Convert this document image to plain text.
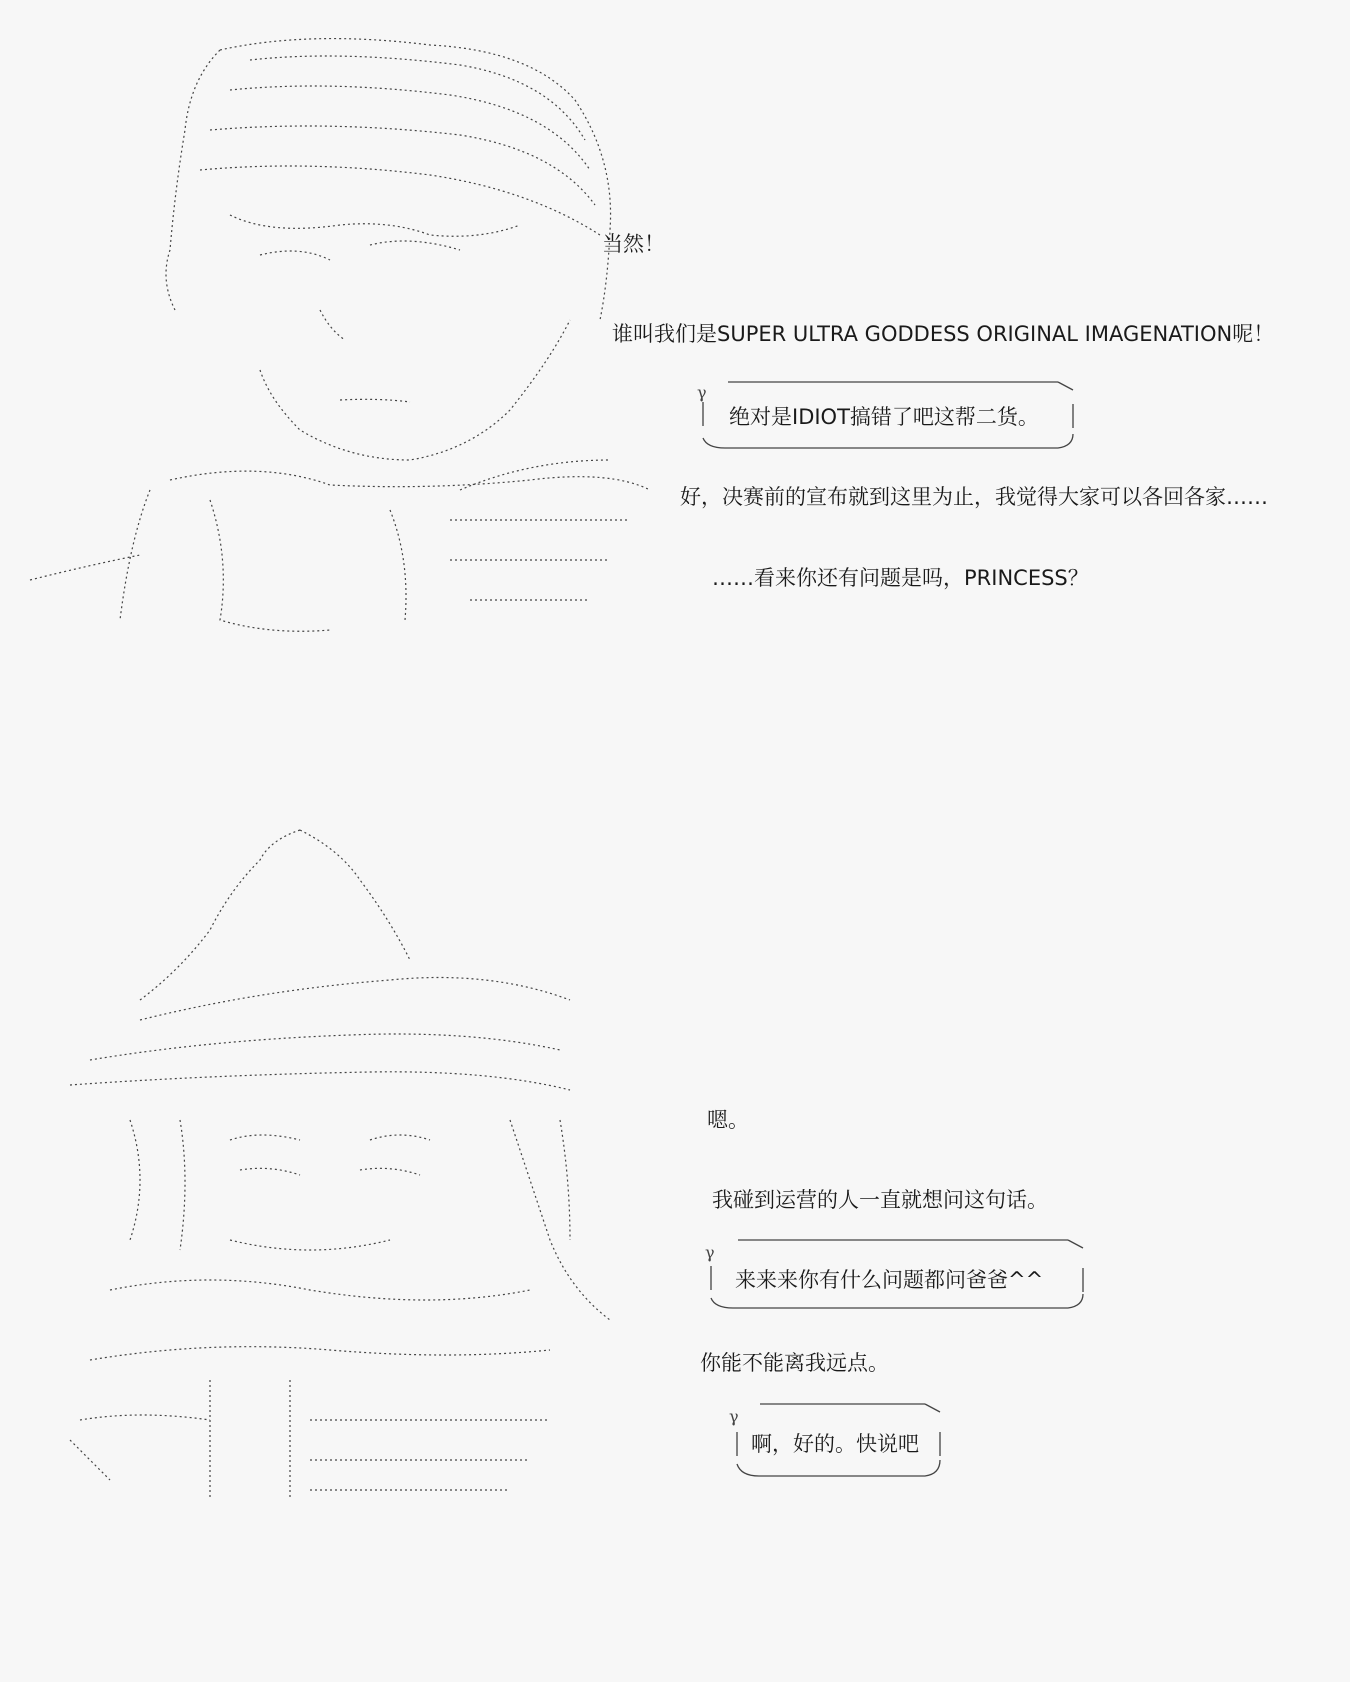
当然！
谁叫我们是SUPER ULTRA GODDESS ORIGINAL IMAGENATION呢！
γ
绝对是IDIOT搞错了吧这帮二货。
好，决赛前的宣布就到这里为止，我觉得大家可以各回各家……
……看来你还有问题是吗，PRINCESS？
嗯。
我碰到运营的人一直就想问这句话。
γ
来来来你有什么问题都问爸爸^^
你能不能离我远点。
γ
啊，好的。快说吧
